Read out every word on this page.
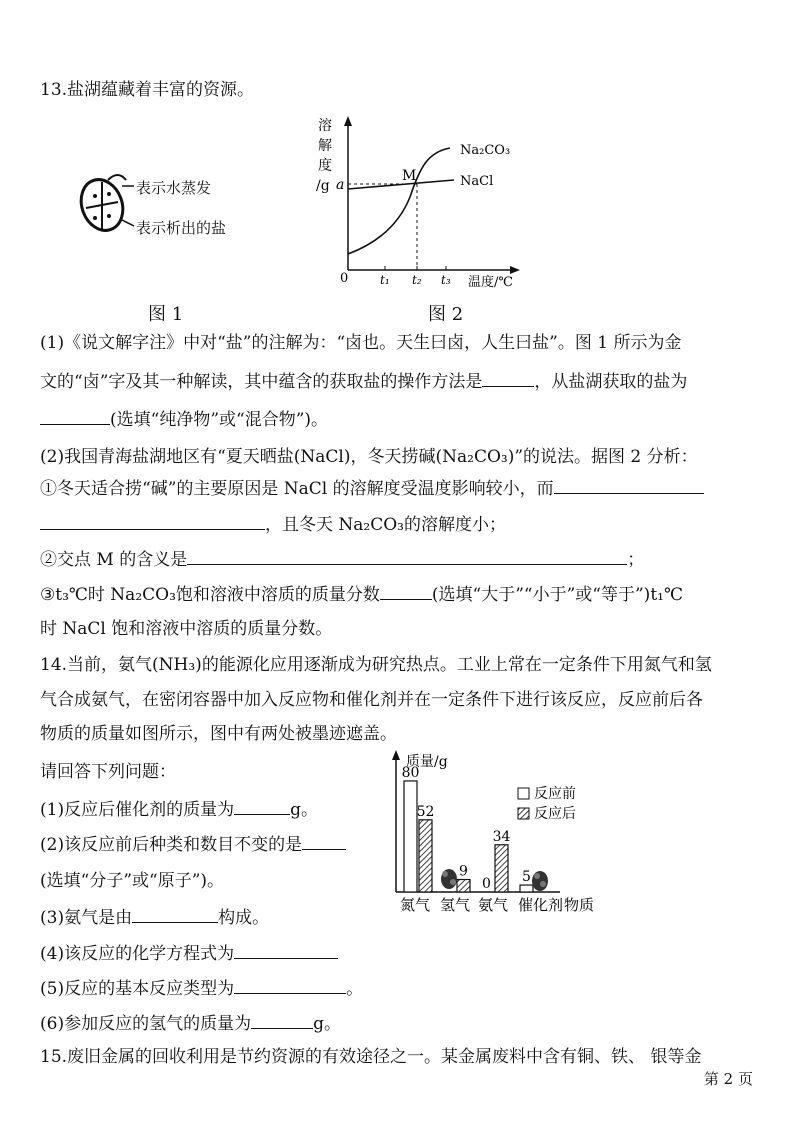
13.盐湖蕴藏着丰富的资源。
表示水蒸发
表示析出的盐
图 1
溶
解
度
/g
0	t₁ t₂ t₃ 温度/℃
a
M
Na₂CO₃
NaCl
图 2
(1)《说文解字注》中对“盐”的注解为：“卤也。天生曰卤，人生曰盐”。图 1 所示为金
文的“卤”字及其一种解读，其中蕴含的获取盐的操作方法是	，从盐湖获取的盐为
(选填“纯净物”或“混合物”)。
(2)我国青海盐湖地区有“夏天晒盐(NaCl)，冬天捞碱(Na₂CO₃)”的说法。据图 2 分析：
①冬天适合捞“碱”的主要原因是 NaCl 的溶解度受温度影响较小，而
，且冬天 Na₂CO₃的溶解度小；
②交点 M 的含义是	；
③t₃℃时 Na₂CO₃饱和溶液中溶质的质量分数	(选填“大于”“小于”或“等于”)t₁℃
时 NaCl 饱和溶液中溶质的质量分数。
14.当前，氨气(NH₃)的能源化应用逐渐成为研究热点。工业上常在一定条件下用氮气和氢
气合成氨气，在密闭容器中加入反应物和催化剂并在一定条件下进行该反应，反应前后各
物质的质量如图所示，图中有两处被墨迹遮盖。
请回答下列问题：
(1)反应后催化剂的质量为	g。
(2)该反应前后种类和数目不变的是
(选填“分子”或“原子”)。
(3)氨气是由	构成。
(4)该反应的化学方程式为
(5)反应的基本反应类型为	。
(6)参加反应的氢气的质量为	g。
质量/g
反应前
反应后
80
52
9
0
34
5
氮气 氢气 氨气 催化剂 物质
15.废旧金属的回收利用是节约资源的有效途径之一。某金属废料中含有铜、铁、 银等金
第 2 页
